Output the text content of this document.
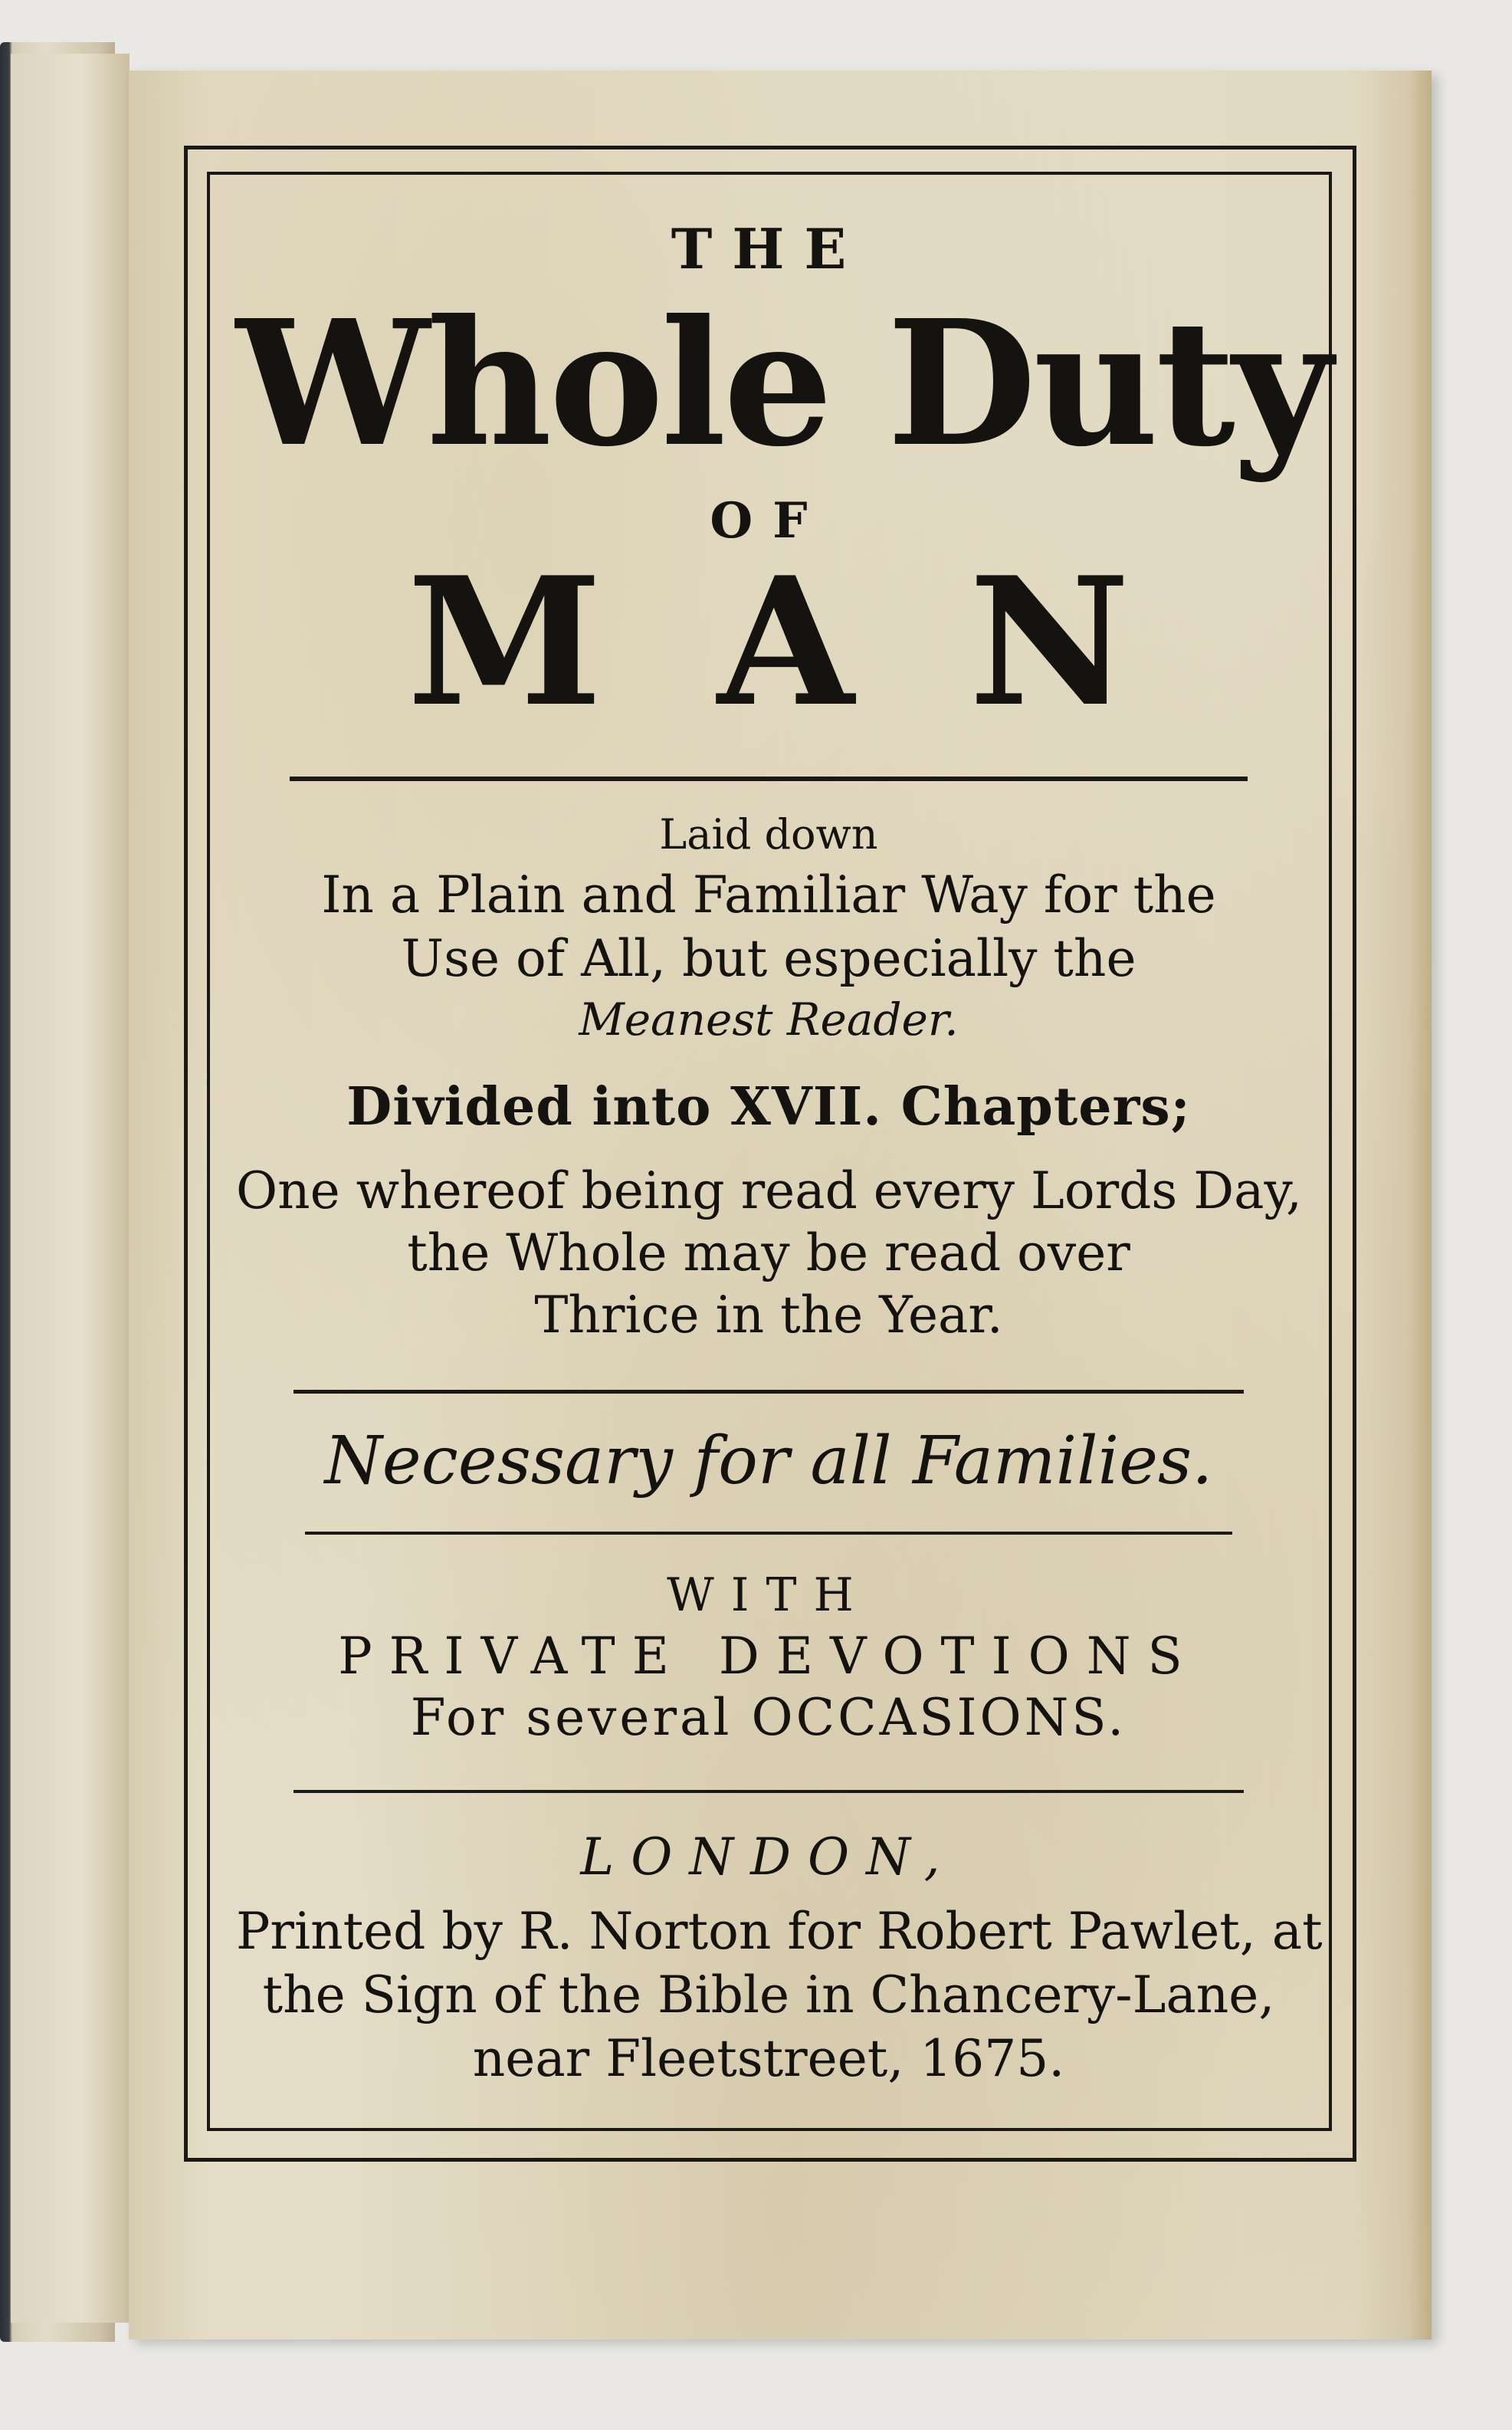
THE
Whole Duty
OF
MAN
Laid down
In a Plain and Familiar Way for the
Use of All, but especially the
Meanest Reader.
Divided into XVII. Chapters;
One whereof being read every Lords Day,
the Whole may be read over
Thrice in the Year.
Necessary for all Families.
WITH
PRIVATE DEVOTIONS
For several OCCASIONS.
LONDON,
Printed by R. Norton for Robert Pawlet, at
the Sign of the Bible in Chancery-Lane,
near Fleetstreet, 1675.
